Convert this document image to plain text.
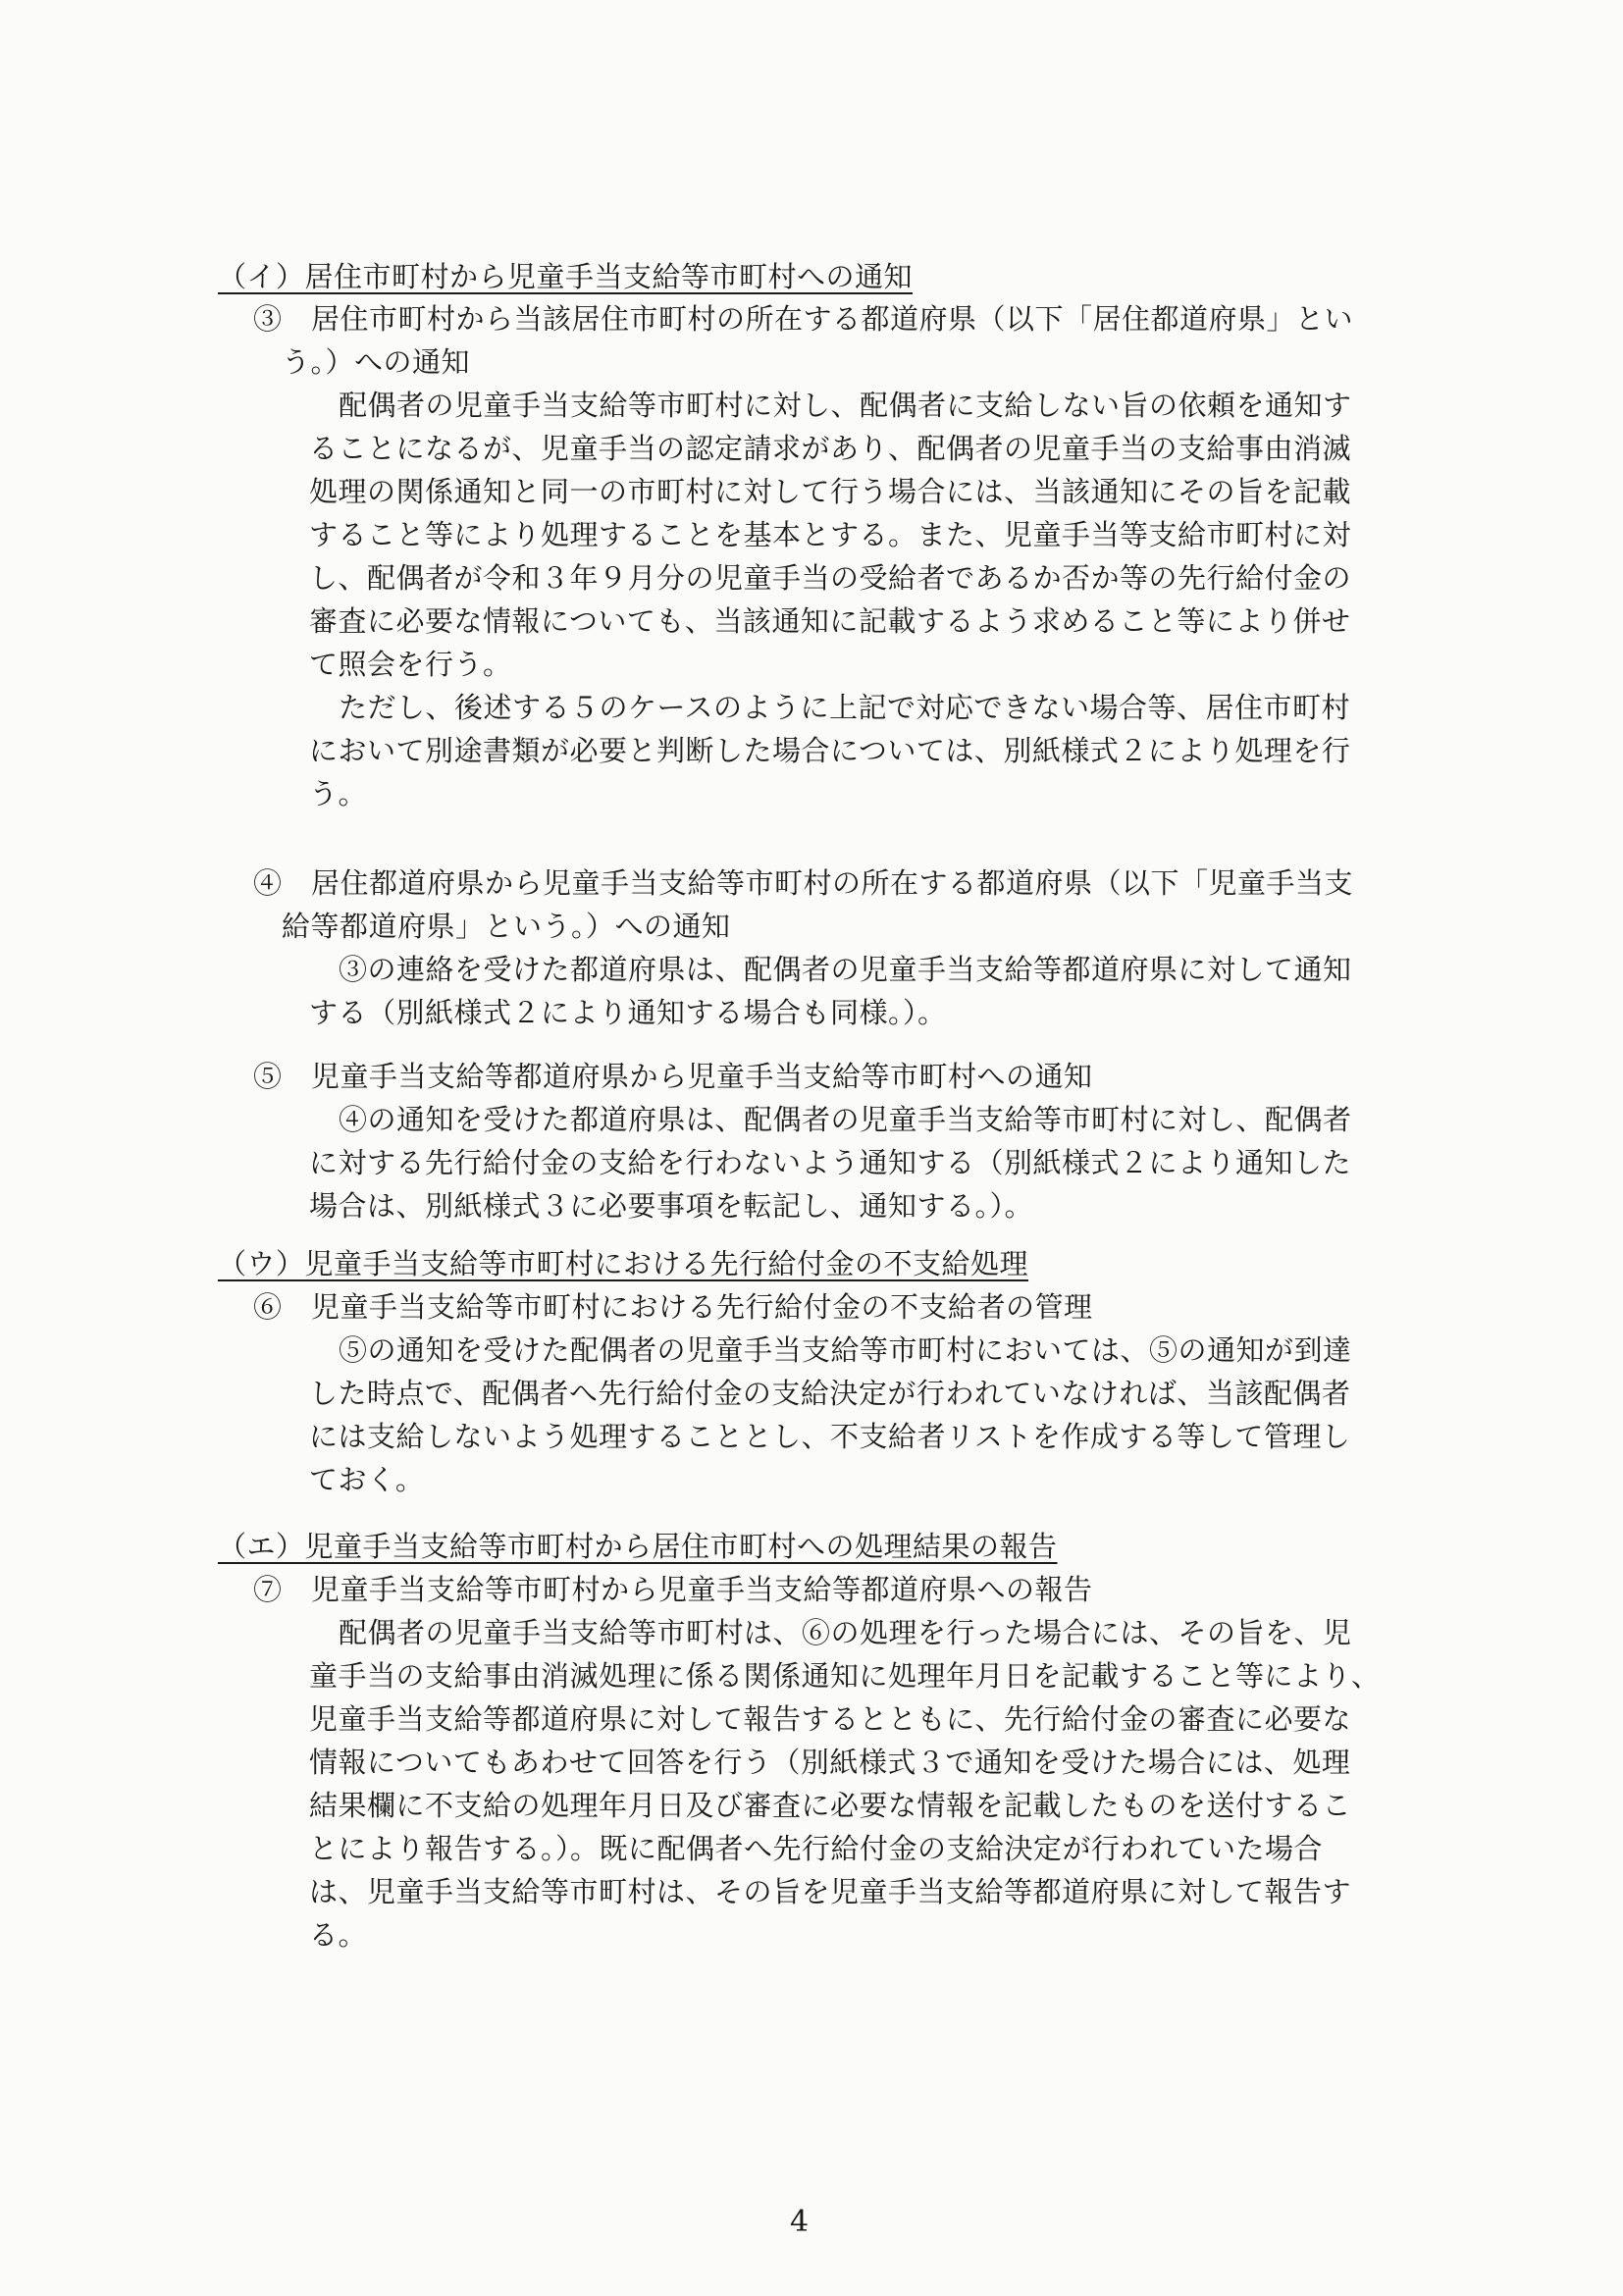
（イ）居住市町村から児童手当支給等市町村への通知
③　居住市町村から当該居住市町村の所在する都道府県（以下「居住都道府県」とい
う。）への通知
配偶者の児童手当支給等市町村に対し、配偶者に支給しない旨の依頼を通知す
ることになるが、児童手当の認定請求があり、配偶者の児童手当の支給事由消滅
処理の関係通知と同一の市町村に対して行う場合には、当該通知にその旨を記載
すること等により処理することを基本とする。また、児童手当等支給市町村に対
し、配偶者が令和３年９月分の児童手当の受給者であるか否か等の先行給付金の
審査に必要な情報についても、当該通知に記載するよう求めること等により併せ
て照会を行う。
ただし、後述する５のケースのように上記で対応できない場合等、居住市町村
において別途書類が必要と判断した場合については、別紙様式２により処理を行
う。
④　居住都道府県から児童手当支給等市町村の所在する都道府県（以下「児童手当支
給等都道府県」という。）への通知
③の連絡を受けた都道府県は、配偶者の児童手当支給等都道府県に対して通知
する（別紙様式２により通知する場合も同様。）。
⑤　児童手当支給等都道府県から児童手当支給等市町村への通知
④の通知を受けた都道府県は、配偶者の児童手当支給等市町村に対し、配偶者
に対する先行給付金の支給を行わないよう通知する（別紙様式２により通知した
場合は、別紙様式３に必要事項を転記し、通知する。）。
（ウ）児童手当支給等市町村における先行給付金の不支給処理
⑥　児童手当支給等市町村における先行給付金の不支給者の管理
⑤の通知を受けた配偶者の児童手当支給等市町村においては、⑤の通知が到達
した時点で、配偶者へ先行給付金の支給決定が行われていなければ、当該配偶者
には支給しないよう処理することとし、不支給者リストを作成する等して管理し
ておく。
（エ）児童手当支給等市町村から居住市町村への処理結果の報告
⑦　児童手当支給等市町村から児童手当支給等都道府県への報告
配偶者の児童手当支給等市町村は、⑥の処理を行った場合には、その旨を、児
童手当の支給事由消滅処理に係る関係通知に処理年月日を記載すること等により、
児童手当支給等都道府県に対して報告するとともに、先行給付金の審査に必要な
情報についてもあわせて回答を行う（別紙様式３で通知を受けた場合には、処理
結果欄に不支給の処理年月日及び審査に必要な情報を記載したものを送付するこ
とにより報告する。）。既に配偶者へ先行給付金の支給決定が行われていた場合
は、児童手当支給等市町村は、その旨を児童手当支給等都道府県に対して報告す
る。
4
